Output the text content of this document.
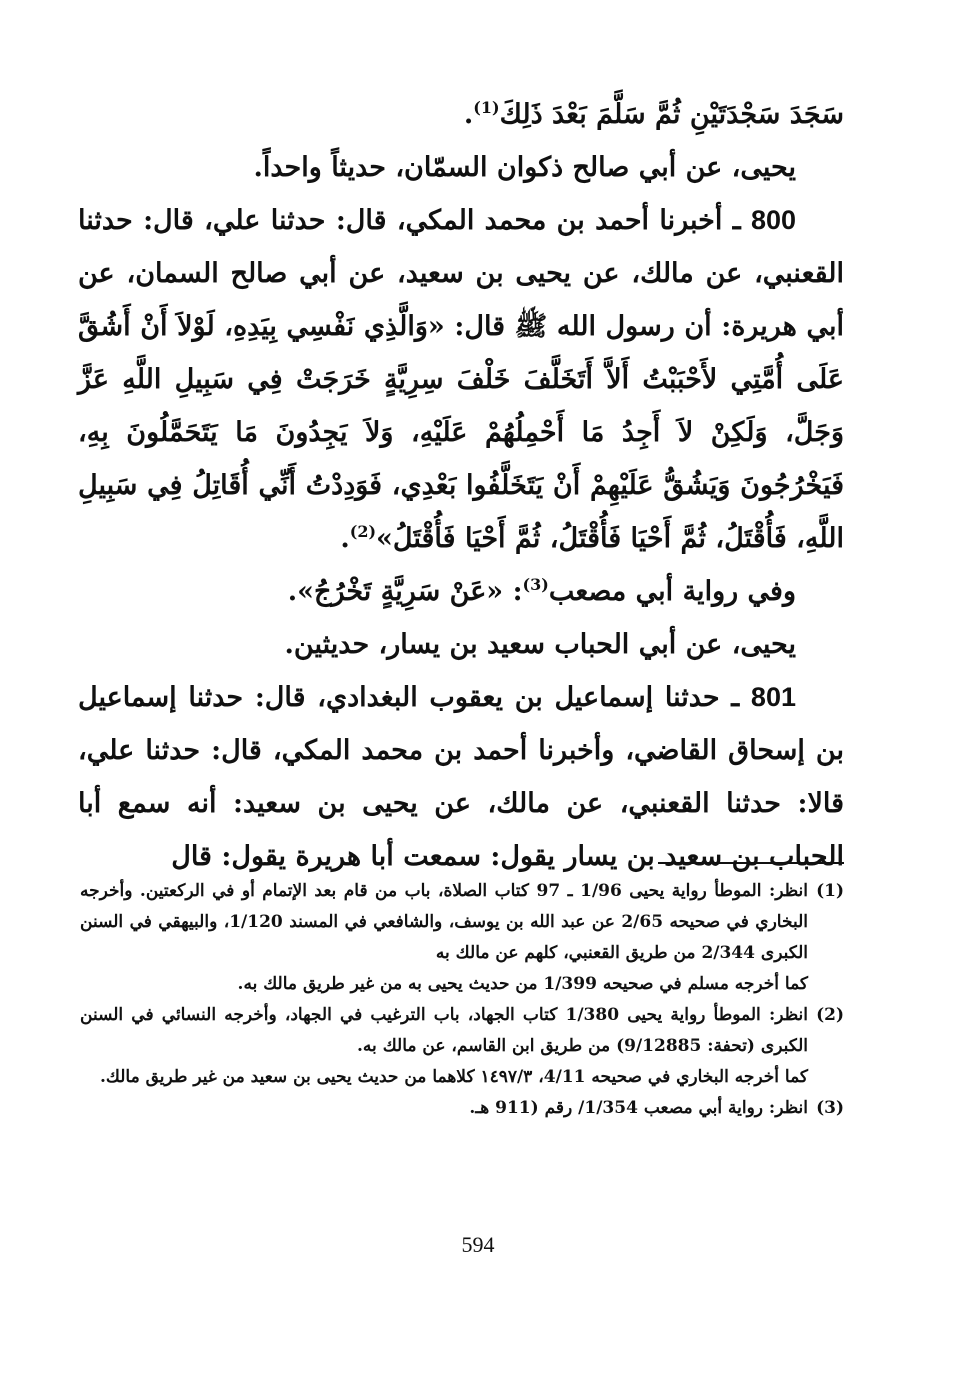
سَجَدَ سَجْدَتَيْنِ ثُمَّ سَلَّمَ بَعْدَ ذَلِكَ$^{(1)}$.

يحيى، عن أبي صالح ذكوان السمّان، حديثاً واحداً.

800 ـ أخبرنا أحمد بن محمد المكي، قال: حدثنا علي، قال: حدثنا القعنبي، عن مالك، عن يحيى بن سعيد، عن أبي صالح السمان، عن أبي هريرة: أن رسول الله ﷺ قال: «وَالَّذِي نَفْسِي بِيَدِهِ، لَوْلاَ أَنْ أَشُقَّ عَلَى أُمَّتِي لأَحْبَبْتُ أَلاَّ أَتَخَلَّفَ خَلْفَ سِرِيَّةٍ خَرَجَتْ فِي سَبِيلِ اللَّهِ عَزَّ وَجَلَّ، وَلَكِنْ لاَ أَجِدُ مَا أَحْمِلُهُمْ عَلَيْهِ، وَلاَ يَجِدُونَ مَا يَتَحَمَّلُونَ بِهِ، فَيَخْرُجُونَ وَيَشُقُّ عَلَيْهِمْ أَنْ يَتَخَلَّفُوا بَعْدِي، فَوَدِدْتُ أَنِّي أُقَاتِلُ فِي سَبِيلِ اللَّهِ، فَأُقْتَلُ، ثُمَّ أَحْيَا فَأُقْتَلُ، ثُمَّ أَحْيَا فَأُقْتَلُ»$^{(2)}$.

وفي رواية أبي مصعب$^{(3)}$: «عَنْ سَرِيَّةٍ تَخْرُجُ».

يحيى، عن أبي الحباب سعيد بن يسار، حديثين.

801 ـ حدثنا إسماعيل بن يعقوب البغدادي، قال: حدثنا إسماعيل بن إسحاق القاضي، وأخبرنا أحمد بن محمد المكي، قال: حدثنا علي، قالا: حدثنا القعنبي، عن مالك، عن يحيى بن سعيد: أنه سمع أبا الحباب بن سعيد بن يسار يقول: سمعت أبا هريرة يقول: قال

(1)

انظر: الموطأ رواية يحيى 1/96 ـ 97 كتاب الصلاة، باب من قام بعد الإتمام أو في الركعتين. وأخرجه البخاري في صحيحه 2/65 عن عبد الله بن يوسف، والشافعي في المسند 1/120، والبيهقي في السنن الكبرى 2/344 من طريق القعنبي، كلهم عن مالك به

كما أخرجه مسلم في صحيحه 1/399 من حديث يحيى به من غير طريق مالك به.

(2)

انظر: الموطأ رواية يحيى 1/380 كتاب الجهاد، باب الترغيب في الجهاد، وأخرجه النسائي في السنن الكبرى (تحفة: 9/12885) من طريق ابن القاسم، عن مالك به.

كما أخرجه البخاري في صحيحه 4/11، ١٤٩٧/٣ كلاهما من حديث يحيى بن سعيد من غير طريق مالك.

(3)

انظر: رواية أبي مصعب 1/354/ رقم (911 هـ.

594
